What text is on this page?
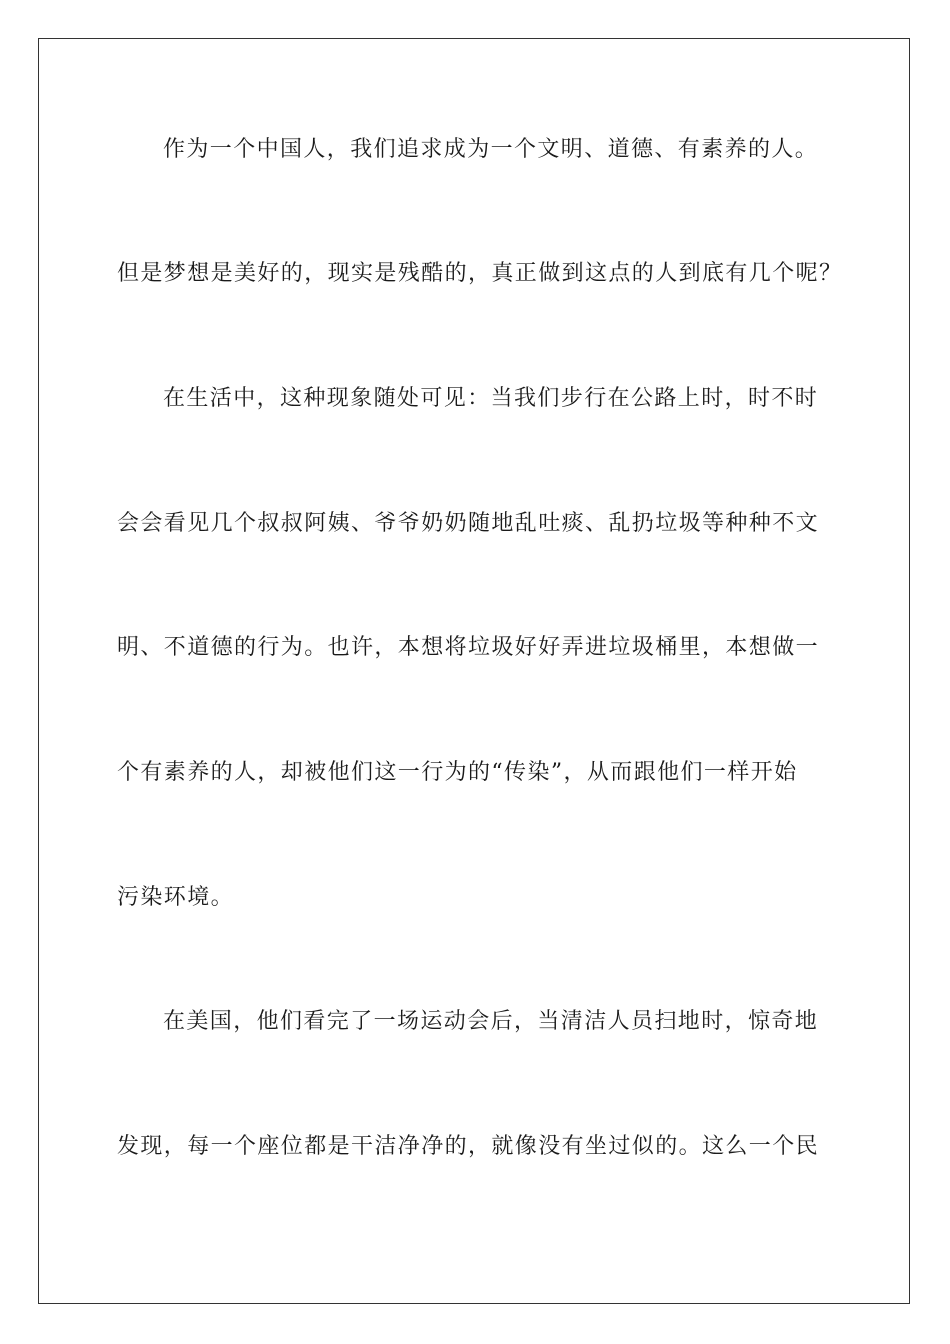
作为一个中国人，我们追求成为一个文明、道德、有素养的人。
但是梦想是美好的，现实是残酷的，真正做到这点的人到底有几个呢？
在生活中，这种现象随处可见：当我们步行在公路上时，时不时
会会看见几个叔叔阿姨、爷爷奶奶随地乱吐痰、乱扔垃圾等种种不文
明、不道德的行为。也许，本想将垃圾好好弄进垃圾桶里，本想做一
个有素养的人，却被他们这一行为的“传染”，从而跟他们一样开始
污染环境。
在美国，他们看完了一场运动会后，当清洁人员扫地时，惊奇地
发现，每一个座位都是干洁净净的，就像没有坐过似的。这么一个民
